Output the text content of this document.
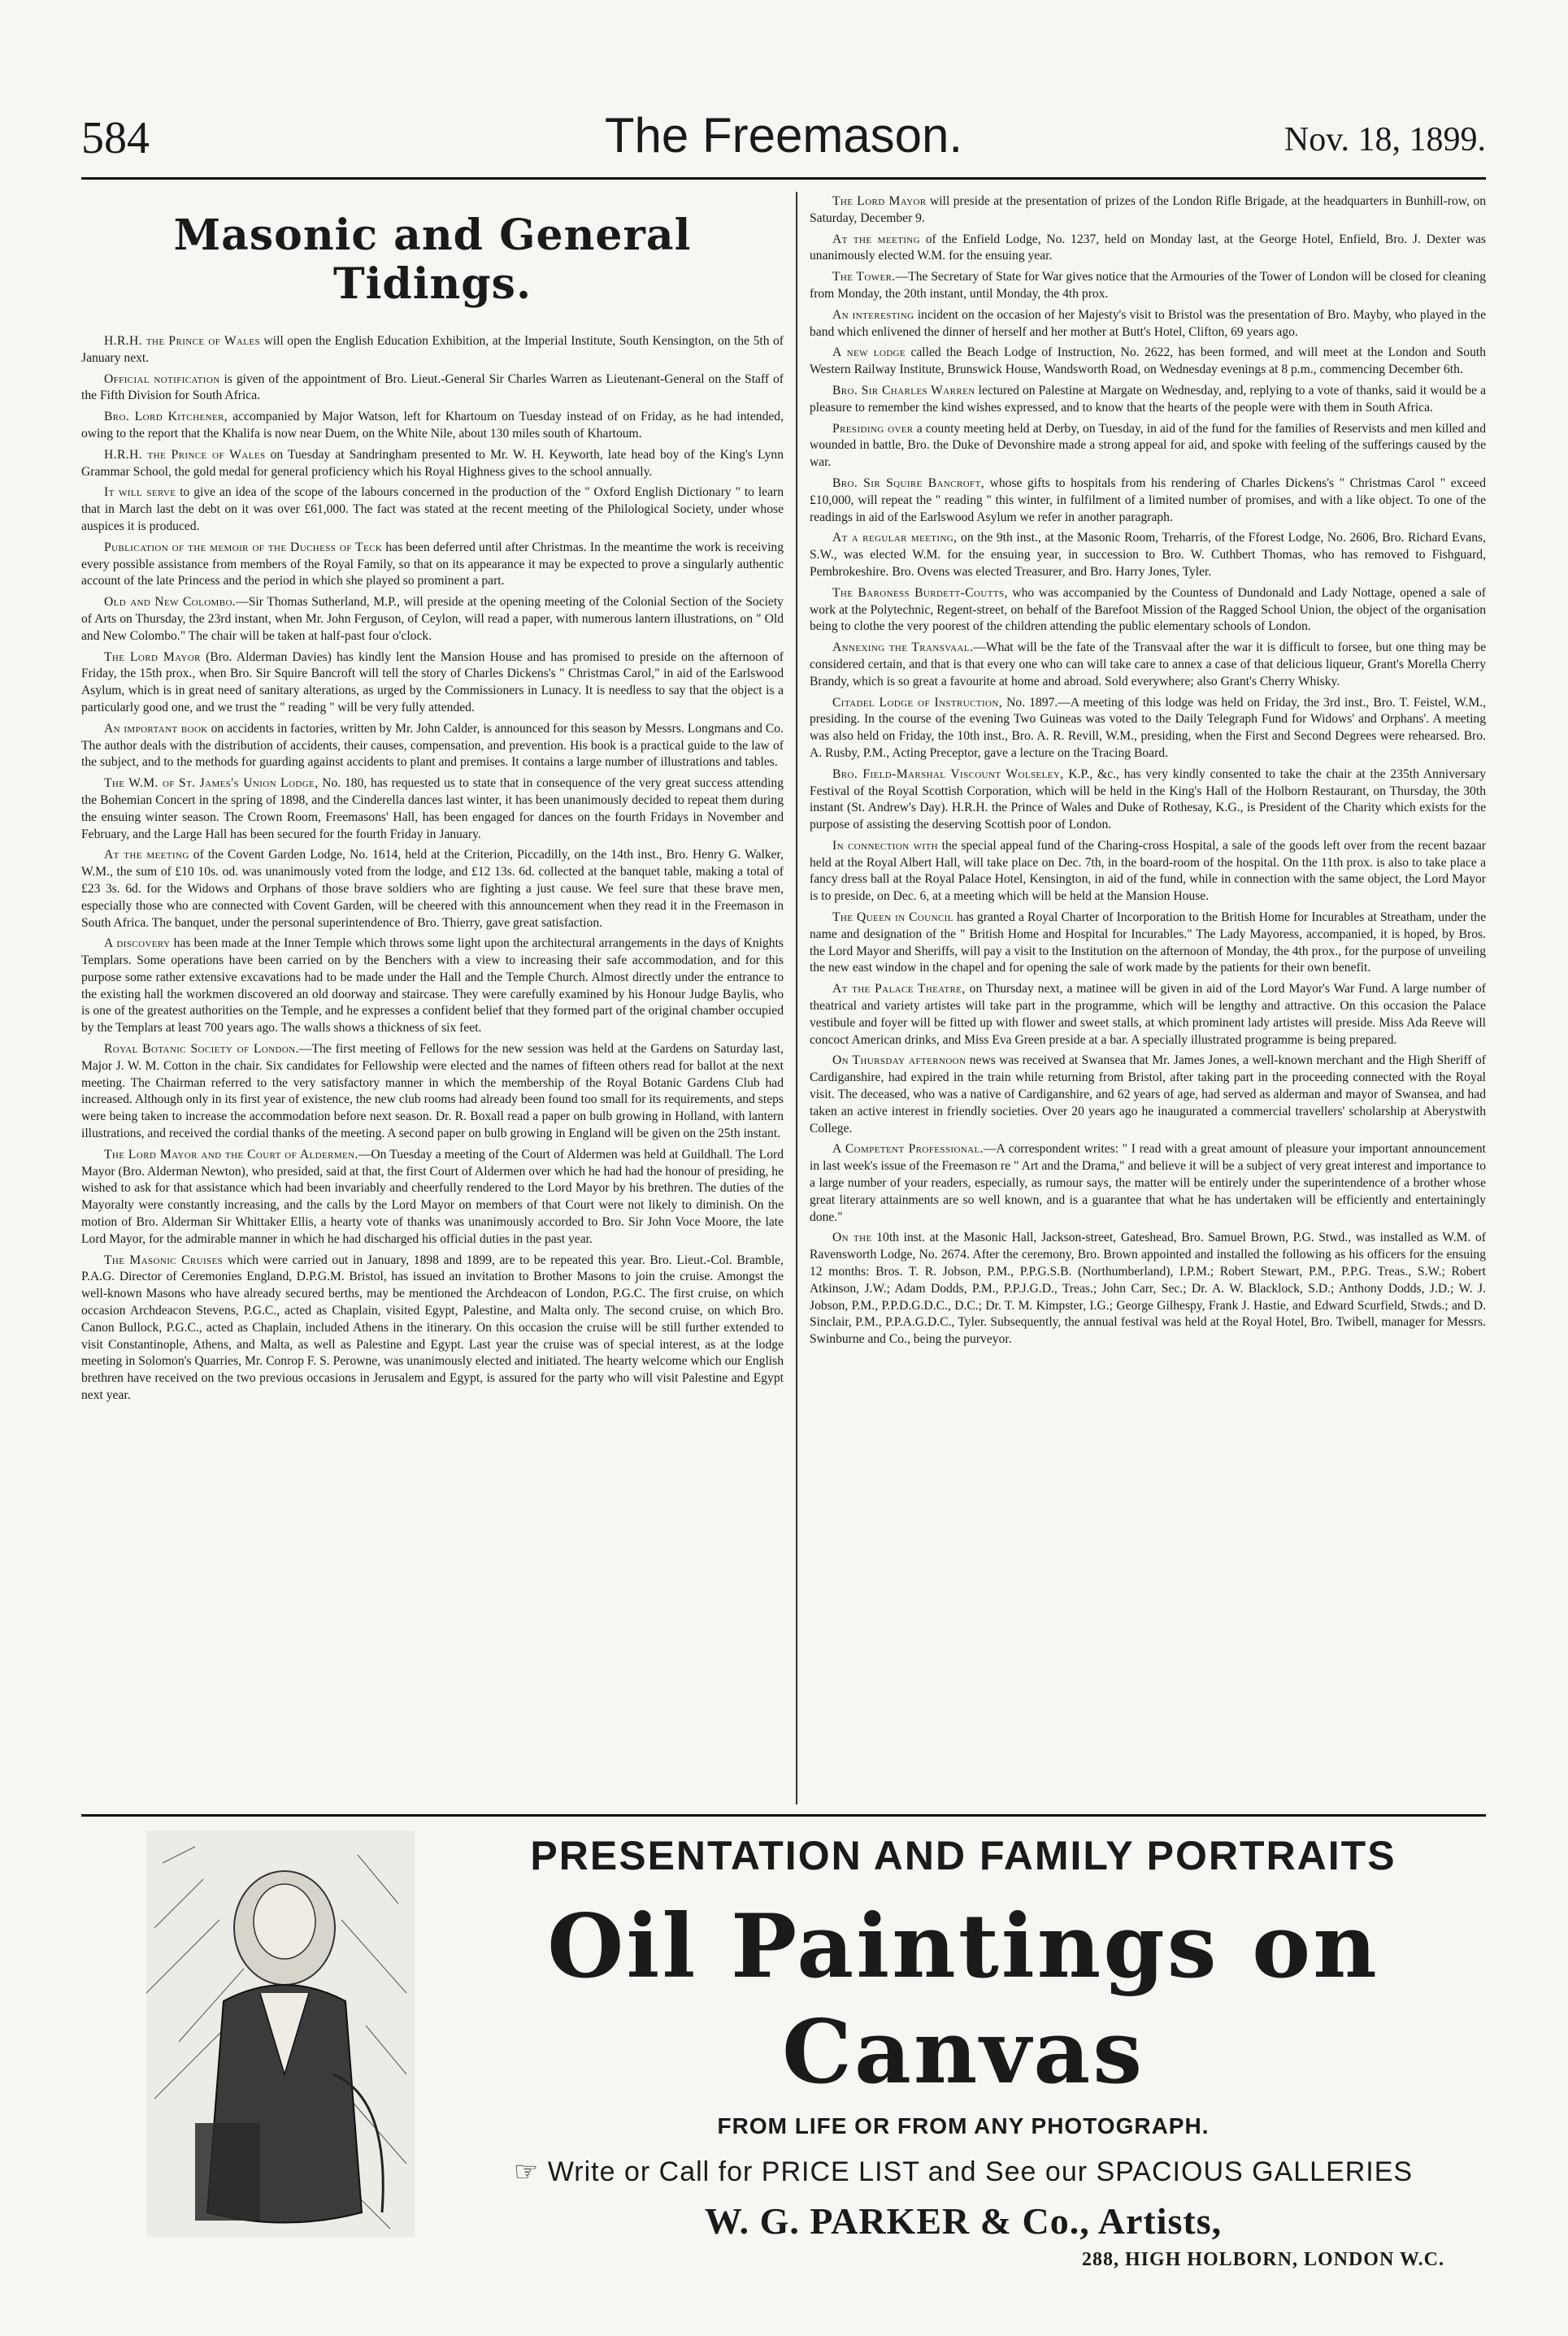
584	The Freemason.	Nov. 18, 1899.
Masonic and General Tidings.

H.R.H. the Prince of Wales will open the English Education Exhibition, at the Imperial Institute, South Kensington, on the 5th of January next.

Official notification is given of the appointment of Bro. Lieut.-General Sir Charles Warren as Lieutenant-General on the Staff of the Fifth Division for South Africa.

Bro. Lord Kitchener, accompanied by Major Watson, left for Khartoum on Tuesday instead of on Friday, as he had intended, owing to the report that the Khalifa is now near Duem, on the White Nile, about 130 miles south of Khartoum.

H.R.H. the Prince of Wales on Tuesday at Sandringham presented to Mr. W. H. Keyworth, late head boy of the King's Lynn Grammar School, the gold medal for general proficiency which his Royal Highness gives to the school annually.

It will serve to give an idea of the scope of the labours concerned in the production of the " Oxford English Dictionary " to learn that in March last the debt on it was over £61,000. The fact was stated at the recent meeting of the Philological Society, under whose auspices it is produced.

Publication of the memoir of the Duchess of Teck has been deferred until after Christmas. In the meantime the work is receiving every possible assistance from members of the Royal Family, so that on its appearance it may be expected to prove a singularly authentic account of the late Princess and the period in which she played so prominent a part.

Old and New Colombo.—Sir Thomas Sutherland, M.P., will preside at the opening meeting of the Colonial Section of the Society of Arts on Thursday, the 23rd instant, when Mr. John Ferguson, of Ceylon, will read a paper, with numerous lantern illustrations, on " Old and New Colombo." The chair will be taken at half-past four o'clock.

The Lord Mayor (Bro. Alderman Davies) has kindly lent the Mansion House and has promised to preside on the afternoon of Friday, the 15th prox., when Bro. Sir Squire Bancroft will tell the story of Charles Dickens's " Christmas Carol," in aid of the Earlswood Asylum, which is in great need of sanitary alterations, as urged by the Commissioners in Lunacy. It is needless to say that the object is a particularly good one, and we trust the " reading " will be very fully attended.

An important book on accidents in factories, written by Mr. John Calder, is announced for this season by Messrs. Longmans and Co. The author deals with the distribution of accidents, their causes, compensation, and prevention. His book is a practical guide to the law of the subject, and to the methods for guarding against accidents to plant and premises. It contains a large number of illustrations and tables.

The W.M. of St. James's Union Lodge, No. 180, has requested us to state that in consequence of the very great success attending the Bohemian Concert in the spring of 1898, and the Cinderella dances last winter, it has been unanimously decided to repeat them during the ensuing winter season. The Crown Room, Freemasons' Hall, has been engaged for dances on the fourth Fridays in November and February, and the Large Hall has been secured for the fourth Friday in January.

At the meeting of the Covent Garden Lodge, No. 1614, held at the Criterion, Piccadilly, on the 14th inst., Bro. Henry G. Walker, W.M., the sum of £10 10s. od. was unanimously voted from the lodge, and £12 13s. 6d. collected at the banquet table, making a total of £23 3s. 6d. for the Widows and Orphans of those brave soldiers who are fighting a just cause. We feel sure that these brave men, especially those who are connected with Covent Garden, will be cheered with this announcement when they read it in the Freemason in South Africa. The banquet, under the personal superintendence of Bro. Thierry, gave great satisfaction.

A discovery has been made at the Inner Temple which throws some light upon the architectural arrangements in the days of Knights Templars. Some operations have been carried on by the Benchers with a view to increasing their safe accommodation, and for this purpose some rather extensive excavations had to be made under the Hall and the Temple Church. Almost directly under the entrance to the existing hall the workmen discovered an old doorway and staircase. They were carefully examined by his Honour Judge Baylis, who is one of the greatest authorities on the Temple, and he expresses a confident belief that they formed part of the original chamber occupied by the Templars at least 700 years ago. The walls shows a thickness of six feet.

Royal Botanic Society of London.—The first meeting of Fellows for the new session was held at the Gardens on Saturday last, Major J. W. M. Cotton in the chair. Six candidates for Fellowship were elected and the names of fifteen others read for ballot at the next meeting. The Chairman referred to the very satisfactory manner in which the membership of the Royal Botanic Gardens Club had increased. Although only in its first year of existence, the new club rooms had already been found too small for its requirements, and steps were being taken to increase the accommodation before next season. Dr. R. Boxall read a paper on bulb growing in Holland, with lantern illustrations, and received the cordial thanks of the meeting. A second paper on bulb growing in England will be given on the 25th instant.

The Lord Mayor and the Court of Aldermen.—On Tuesday a meeting of the Court of Aldermen was held at Guildhall. The Lord Mayor (Bro. Alderman Newton), who presided, said at that, the first Court of Aldermen over which he had had the honour of presiding, he wished to ask for that assistance which had been invariably and cheerfully rendered to the Lord Mayor by his brethren. The duties of the Mayoralty were constantly increasing, and the calls by the Lord Mayor on members of that Court were not likely to diminish. On the motion of Bro. Alderman Sir Whittaker Ellis, a hearty vote of thanks was unanimously accorded to Bro. Sir John Voce Moore, the late Lord Mayor, for the admirable manner in which he had discharged his official duties in the past year.

The Masonic Cruises which were carried out in January, 1898 and 1899, are to be repeated this year. Bro. Lieut.-Col. Bramble, P.A.G. Director of Ceremonies England, D.P.G.M. Bristol, has issued an invitation to Brother Masons to join the cruise. Amongst the well-known Masons who have already secured berths, may be mentioned the Archdeacon of London, P.G.C. The first cruise, on which occasion Archdeacon Stevens, P.G.C., acted as Chaplain, visited Egypt, Palestine, and Malta only. The second cruise, on which Bro. Canon Bullock, P.G.C., acted as Chaplain, included Athens in the itinerary. On this occasion the cruise will be still further extended to visit Constantinople, Athens, and Malta, as well as Palestine and Egypt. Last year the cruise was of special interest, as at the lodge meeting in Solomon's Quarries, Mr. Conrop F. S. Perowne, was unanimously elected and initiated. The hearty welcome which our English brethren have received on the two previous occasions in Jerusalem and Egypt, is assured for the party who will visit Palestine and Egypt next year.

The Lord Mayor will preside at the presentation of prizes of the London Rifle Brigade, at the headquarters in Bunhill-row, on Saturday, December 9.

At the meeting of the Enfield Lodge, No. 1237, held on Monday last, at the George Hotel, Enfield, Bro. J. Dexter was unanimously elected W.M. for the ensuing year.

The Tower.—The Secretary of State for War gives notice that the Armouries of the Tower of London will be closed for cleaning from Monday, the 20th instant, until Monday, the 4th prox.

An interesting incident on the occasion of her Majesty's visit to Bristol was the presentation of Bro. Mayby, who played in the band which enlivened the dinner of herself and her mother at Butt's Hotel, Clifton, 69 years ago.

A new lodge called the Beach Lodge of Instruction, No. 2622, has been formed, and will meet at the London and South Western Railway Institute, Brunswick House, Wandsworth Road, on Wednesday evenings at 8 p.m., commencing December 6th.

Bro. Sir Charles Warren lectured on Palestine at Margate on Wednesday, and, replying to a vote of thanks, said it would be a pleasure to remember the kind wishes expressed, and to know that the hearts of the people were with them in South Africa.

Presiding over a county meeting held at Derby, on Tuesday, in aid of the fund for the families of Reservists and men killed and wounded in battle, Bro. the Duke of Devonshire made a strong appeal for aid, and spoke with feeling of the sufferings caused by the war.

Bro. Sir Squire Bancroft, whose gifts to hospitals from his rendering of Charles Dickens's " Christmas Carol " exceed £10,000, will repeat the " reading " this winter, in fulfilment of a limited number of promises, and with a like object. To one of the readings in aid of the Earlswood Asylum we refer in another paragraph.

At a regular meeting, on the 9th inst., at the Masonic Room, Treharris, of the Fforest Lodge, No. 2606, Bro. Richard Evans, S.W., was elected W.M. for the ensuing year, in succession to Bro. W. Cuthbert Thomas, who has removed to Fishguard, Pembrokeshire. Bro. Ovens was elected Treasurer, and Bro. Harry Jones, Tyler.

The Baroness Burdett-Coutts, who was accompanied by the Countess of Dundonald and Lady Nottage, opened a sale of work at the Polytechnic, Regent-street, on behalf of the Barefoot Mission of the Ragged School Union, the object of the organisation being to clothe the very poorest of the children attending the public elementary schools of London.

Annexing the Transvaal.—What will be the fate of the Transvaal after the war it is difficult to forsee, but one thing may be considered certain, and that is that every one who can will take care to annex a case of that delicious liqueur, Grant's Morella Cherry Brandy, which is so great a favourite at home and abroad. Sold everywhere; also Grant's Cherry Whisky.

Citadel Lodge of Instruction, No. 1897.—A meeting of this lodge was held on Friday, the 3rd inst., Bro. T. Feistel, W.M., presiding. In the course of the evening Two Guineas was voted to the Daily Telegraph Fund for Widows' and Orphans'. A meeting was also held on Friday, the 10th inst., Bro. A. R. Revill, W.M., presiding, when the First and Second Degrees were rehearsed. Bro. A. Rusby, P.M., Acting Preceptor, gave a lecture on the Tracing Board.

Bro. Field-Marshal Viscount Wolseley, K.P., &c., has very kindly consented to take the chair at the 235th Anniversary Festival of the Royal Scottish Corporation, which will be held in the King's Hall of the Holborn Restaurant, on Thursday, the 30th instant (St. Andrew's Day). H.R.H. the Prince of Wales and Duke of Rothesay, K.G., is President of the Charity which exists for the purpose of assisting the deserving Scottish poor of London.

In connection with the special appeal fund of the Charing-cross Hospital, a sale of the goods left over from the recent bazaar held at the Royal Albert Hall, will take place on Dec. 7th, in the board-room of the hospital. On the 11th prox. is also to take place a fancy dress ball at the Royal Palace Hotel, Kensington, in aid of the fund, while in connection with the same object, the Lord Mayor is to preside, on Dec. 6, at a meeting which will be held at the Mansion House.

The Queen in Council has granted a Royal Charter of Incorporation to the British Home for Incurables at Streatham, under the name and designation of the " British Home and Hospital for Incurables." The Lady Mayoress, accompanied, it is hoped, by Bros. the Lord Mayor and Sheriffs, will pay a visit to the Institution on the afternoon of Monday, the 4th prox., for the purpose of unveiling the new east window in the chapel and for opening the sale of work made by the patients for their own benefit.

At the Palace Theatre, on Thursday next, a matinee will be given in aid of the Lord Mayor's War Fund. A large number of theatrical and variety artistes will take part in the programme, which will be lengthy and attractive. On this occasion the Palace vestibule and foyer will be fitted up with flower and sweet stalls, at which prominent lady artistes will preside. Miss Ada Reeve will concoct American drinks, and Miss Eva Green preside at a bar. A specially illustrated programme is being prepared.

On Thursday afternoon news was received at Swansea that Mr. James Jones, a well-known merchant and the High Sheriff of Cardiganshire, had expired in the train while returning from Bristol, after taking part in the proceeding connected with the Royal visit. The deceased, who was a native of Cardiganshire, and 62 years of age, had served as alderman and mayor of Swansea, and had taken an active interest in friendly societies. Over 20 years ago he inaugurated a commercial travellers' scholarship at Aberystwith College.

A Competent Professional.—A correspondent writes: " I read with a great amount of pleasure your important announcement in last week's issue of the Freemason re " Art and the Drama," and believe it will be a subject of very great interest and importance to a large number of your readers, especially, as rumour says, the matter will be entirely under the superintendence of a brother whose great literary attainments are so well known, and is a guarantee that what he has undertaken will be efficiently and entertainingly done."

On the 10th inst. at the Masonic Hall, Jackson-street, Gateshead, Bro. Samuel Brown, P.G. Stwd., was installed as W.M. of Ravensworth Lodge, No. 2674. After the ceremony, Bro. Brown appointed and installed the following as his officers for the ensuing 12 months: Bros. T. R. Jobson, P.M., P.P.G.S.B. (Northumberland), I.P.M.; Robert Stewart, P.M., P.P.G. Treas., S.W.; Robert Atkinson, J.W.; Adam Dodds, P.M., P.P.J.G.D., Treas.; John Carr, Sec.; Dr. A. W. Blacklock, S.D.; Anthony Dodds, J.D.; W. J. Jobson, P.M., P.P.D.G.D.C., D.C.; Dr. T. M. Kimpster, I.G.; George Gilhespy, Frank J. Hastie, and Edward Scurfield, Stwds.; and D. Sinclair, P.M., P.P.A.G.D.C., Tyler. Subsequently, the annual festival was held at the Royal Hotel, Bro. Twibell, manager for Messrs. Swinburne and Co., being the purveyor.

PRESENTATION AND FAMILY PORTRAITS
Oil Paintings on Canvas
FROM LIFE OR FROM ANY PHOTOGRAPH.
☞ Write or Call for PRICE LIST and See our SPACIOUS GALLERIES
W. G. PARKER & Co., Artists,
288, HIGH HOLBORN, LONDON W.C.
